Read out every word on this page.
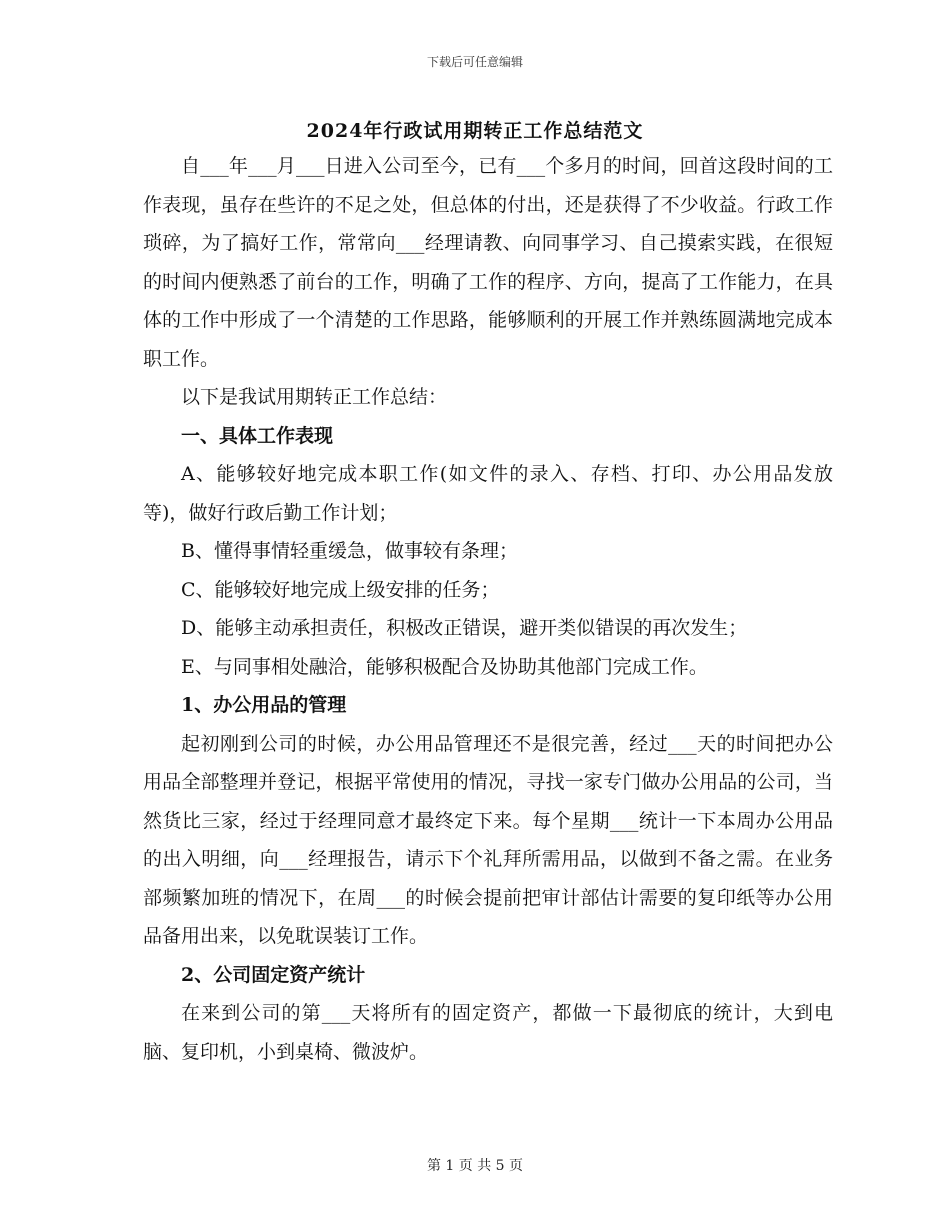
下载后可任意编辑
2024年行政试用期转正工作总结范文

自___年___月___日进入公司至今，已有___个多月的时间，回首这段时间的工作表现，虽存在些许的不足之处，但总体的付出，还是获得了不少收益。行政工作琐碎，为了搞好工作，常常向___经理请教、向同事学习、自己摸索实践，在很短的时间内便熟悉了前台的工作，明确了工作的程序、方向，提高了工作能力，在具体的工作中形成了一个清楚的工作思路，能够顺利的开展工作并熟练圆满地完成本职工作。

以下是我试用期转正工作总结：

一、具体工作表现

A、能够较好地完成本职工作(如文件的录入、存档、打印、办公用品发放等)，做好行政后勤工作计划；

B、懂得事情轻重缓急，做事较有条理；

C、能够较好地完成上级安排的任务；

D、能够主动承担责任，积极改正错误，避开类似错误的再次发生；

E、与同事相处融洽，能够积极配合及协助其他部门完成工作。

1、办公用品的管理

起初刚到公司的时候，办公用品管理还不是很完善，经过___天的时间把办公用品全部整理并登记，根据平常使用的情况，寻找一家专门做办公用品的公司，当然货比三家，经过于经理同意才最终定下来。每个星期___统计一下本周办公用品的出入明细，向___经理报告，请示下个礼拜所需用品，以做到不备之需。在业务部频繁加班的情况下，在周___的时候会提前把审计部估计需要的复印纸等办公用品备用出来，以免耽误装订工作。

2、公司固定资产统计

在来到公司的第___天将所有的固定资产，都做一下最彻底的统计，大到电脑、复印机，小到桌椅、微波炉。

第 1 页 共 5 页
